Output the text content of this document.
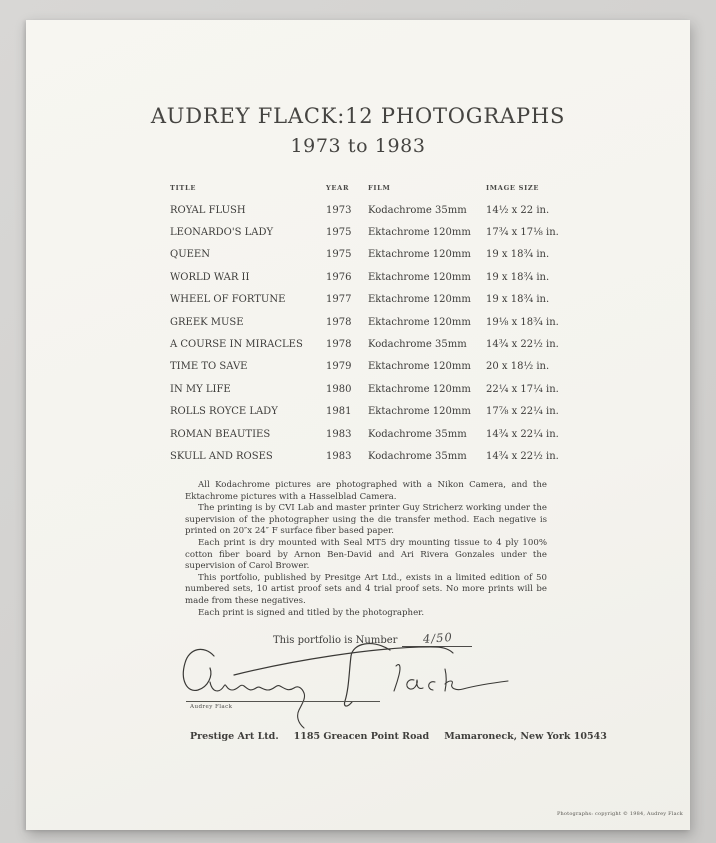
AUDREY FLACK:12 PHOTOGRAPHS
1973 to 1983
TITLE	YEAR	FILM	IMAGE SIZE
ROYAL FLUSH	1973	Kodachrome 35mm	14½ x 22 in.
LEONARDO'S LADY	1975	Ektachrome 120mm	17¾ x 17⅛ in.
QUEEN	1975	Ektachrome 120mm	19 x 18¾ in.
WORLD WAR II	1976	Ektachrome 120mm	19 x 18¾ in.
WHEEL OF FORTUNE	1977	Ektachrome 120mm	19 x 18¾ in.
GREEK MUSE	1978	Ektachrome 120mm	19⅛ x 18¾ in.
A COURSE IN MIRACLES	1978	Kodachrome 35mm	14¾ x 22½ in.
TIME TO SAVE	1979	Ektachrome 120mm	20 x 18½ in.
IN MY LIFE	1980	Ektachrome 120mm	22¼ x 17¼ in.
ROLLS ROYCE LADY	1981	Ektachrome 120mm	17⅞ x 22¼ in.
ROMAN BEAUTIES	1983	Kodachrome 35mm	14¾ x 22¼ in.
SKULL AND ROSES	1983	Kodachrome 35mm	14¾ x 22½ in.

All Kodachrome pictures are photographed with a Nikon Camera, and the Ektachrome pictures with a Hasselblad Camera.

The printing is by CVI Lab and master printer Guy Stricherz working under the supervision of the photographer using the die transfer method. Each negative is printed on 20″x 24″ F surface fiber based paper.

Each print is dry mounted with Seal MT5 dry mounting tissue to 4 ply 100% cotton fiber board by Arnon Ben-David and Ari Rivera Gonzales under the supervision of Carol Brower.

This portfolio, published by Presitge Art Ltd., exists in a limited edition of 50 numbered sets, 10 artist proof sets and 4 trial proof sets. No more prints will be made from these negatives.

Each print is signed and titled by the photographer.

This portfolio is Number	4/50
Audrey Flack
Prestige Art Ltd. 1185 Greacen Point Road Mamaroneck, New York 10543
Photographs: copyright © 1984, Audrey Flack
